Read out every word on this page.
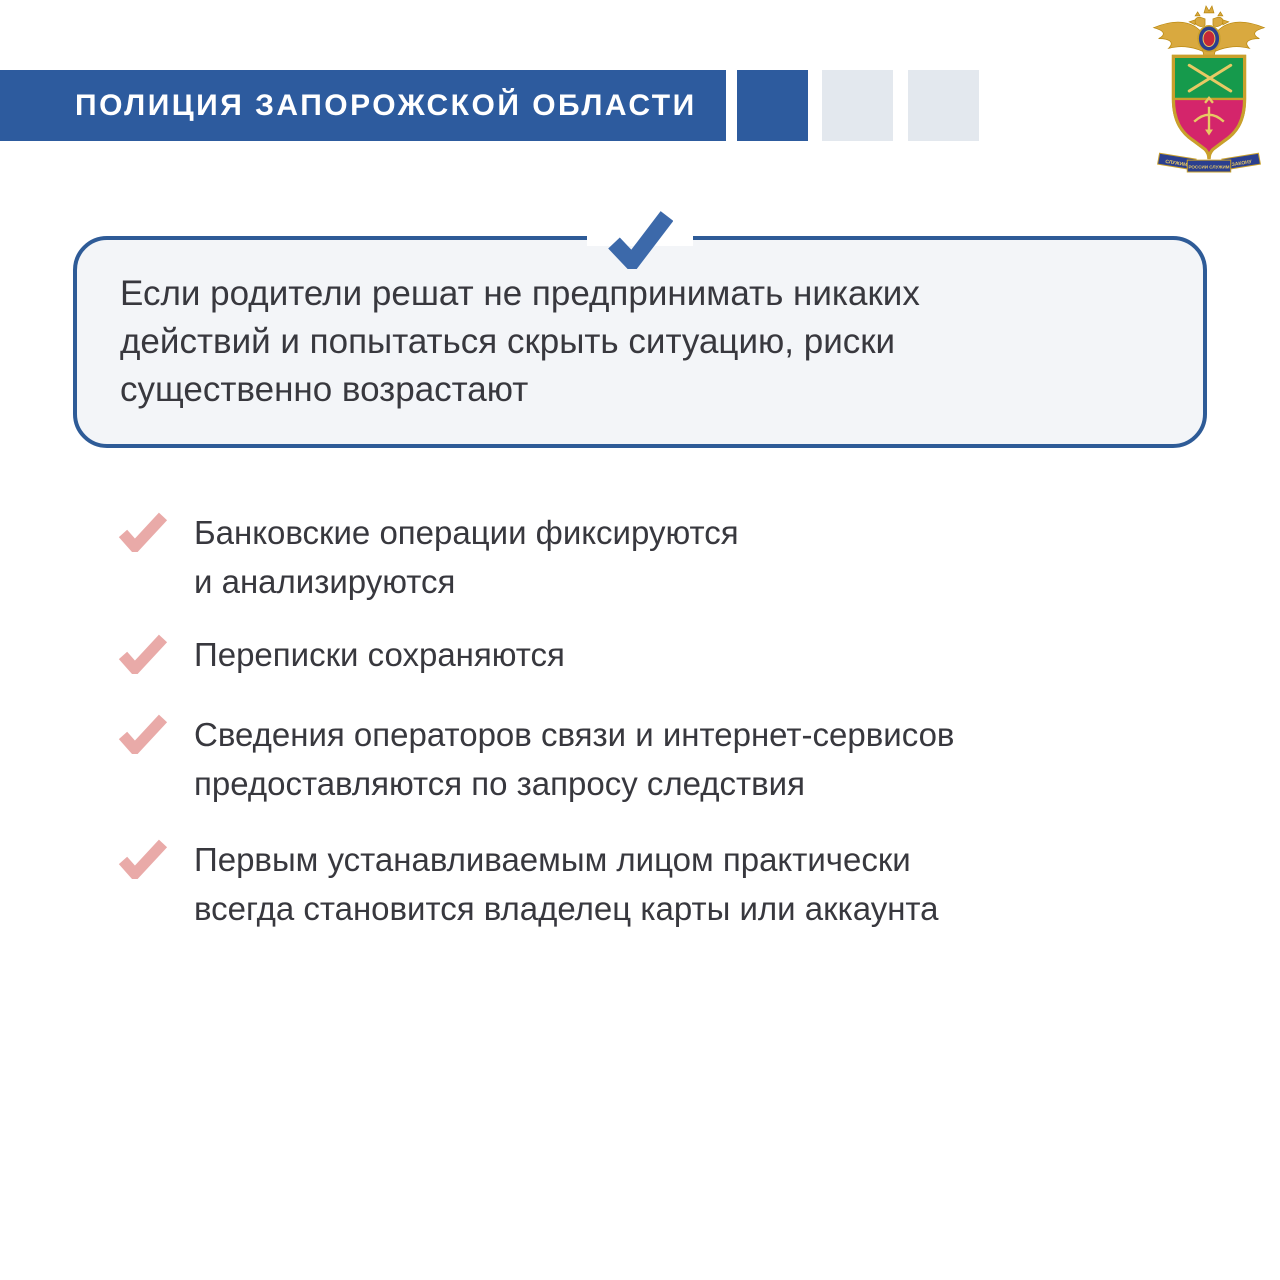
ПОЛИЦИЯ ЗАПОРОЖСКОЙ ОБЛАСТИ
СЛУЖИМ РОССИИ СЛУЖИМ ЗАКОНУ
Если родители решат не предпринимать никаких
действий и попытаться скрыть ситуацию, риски
существенно возрастают
Банковские операции фиксируются
и анализируются
Переписки сохраняются
Сведения операторов связи и интернет-сервисов
предоставляются по запросу следствия
Первым устанавливаемым лицом практически
всегда становится владелец карты или аккаунта
